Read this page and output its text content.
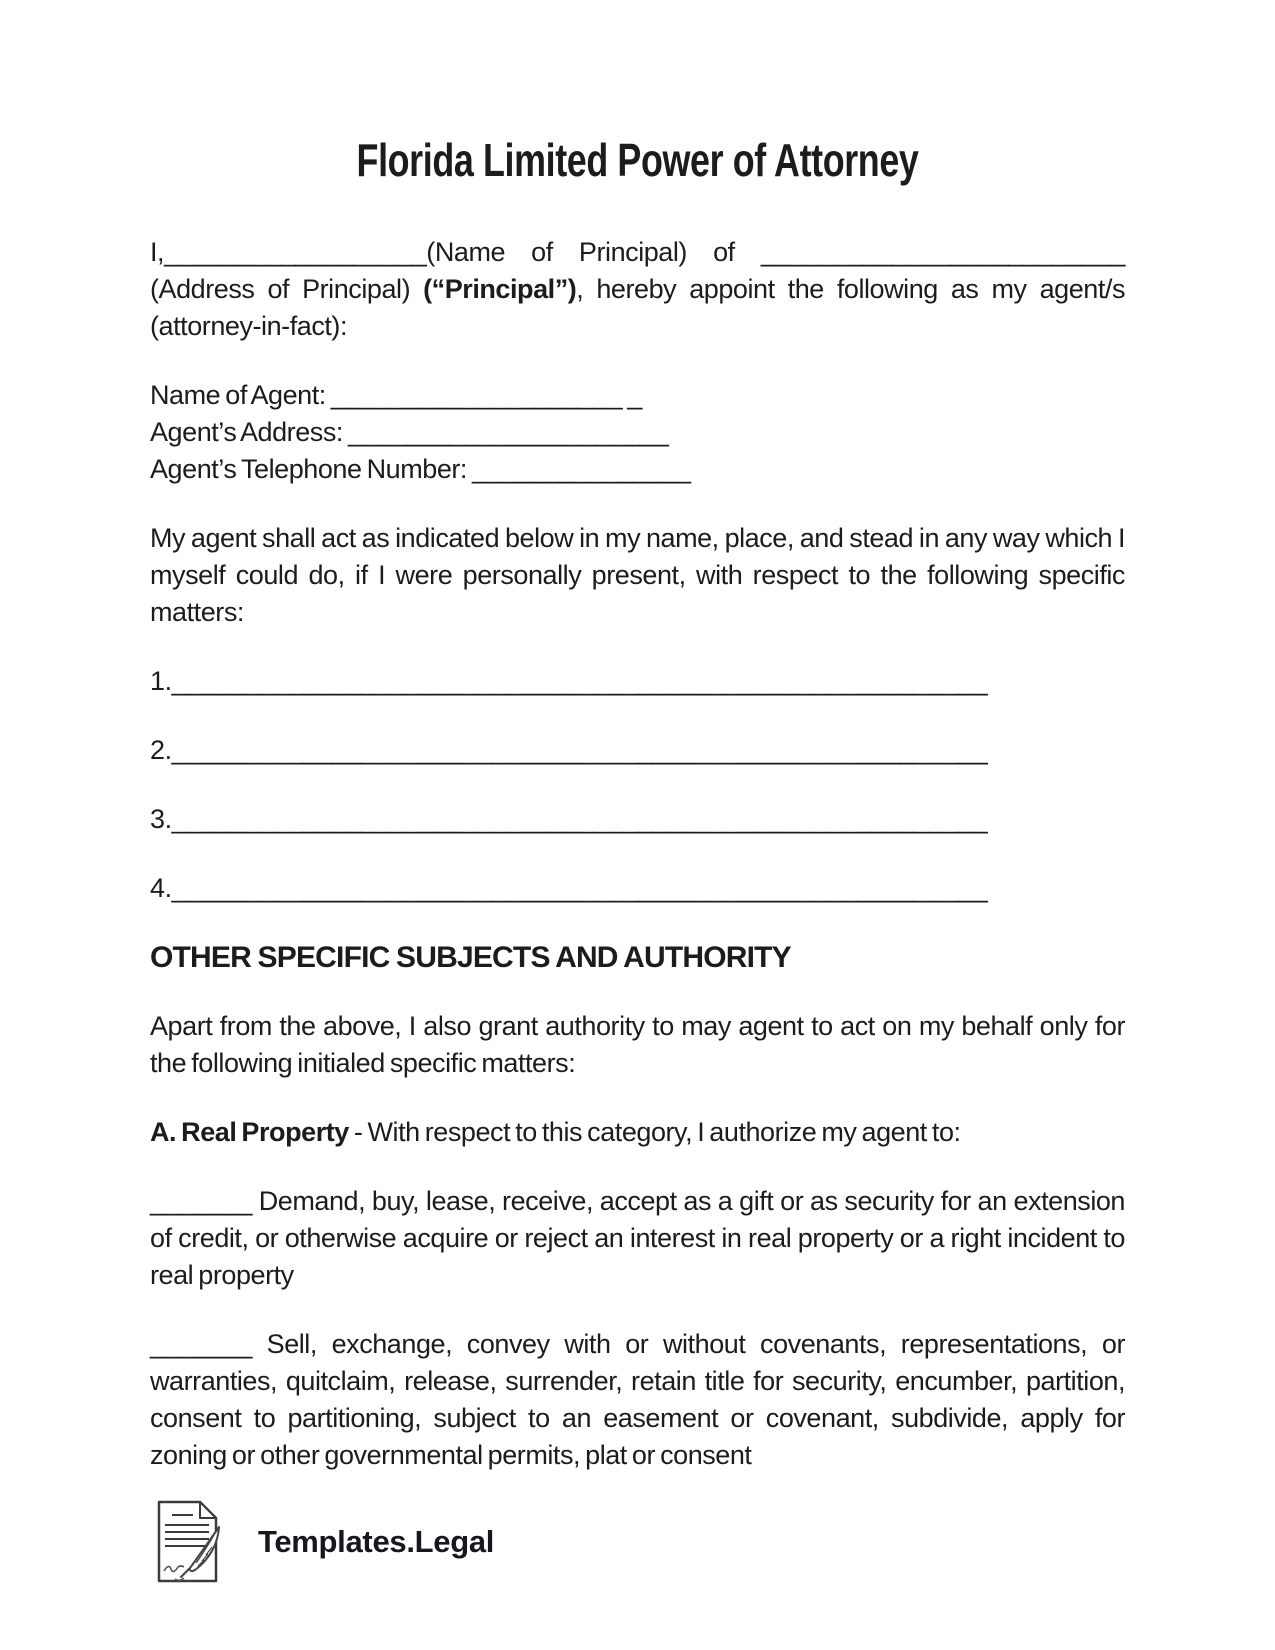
Florida Limited Power of Attorney

I,__________________(Name of Principal) of _________________________ (Address of Principal) (“Principal”), hereby appoint the following as my agent/s (attorney-in-fact):

Name of Agent: ____________________ _
Agent’s Address: ______________________
Agent’s Telephone Number: _______________

My agent shall act as indicated below in my name, place, and stead in any way which I myself could do, if I were personally present, with respect to the following specific matters:

1.________________________________________________________

2.________________________________________________________

3.________________________________________________________

4.________________________________________________________

OTHER SPECIFIC SUBJECTS AND AUTHORITY

Apart from the above, I also grant authority to may agent to act on my behalf only for the following initialed specific matters:

A. Real Property - With respect to this category, I authorize my agent to:

_______ Demand, buy, lease, receive, accept as a gift or as security for an extension of credit, or otherwise acquire or reject an interest in real property or a right incident to real property

_______ Sell, exchange, convey with or without covenants, representations, or warranties, quitclaim, release, surrender, retain title for security, encumber, partition, consent to partitioning, subject to an easement or covenant, subdivide, apply for zoning or other governmental permits, plat or consent

Templates.Legal
